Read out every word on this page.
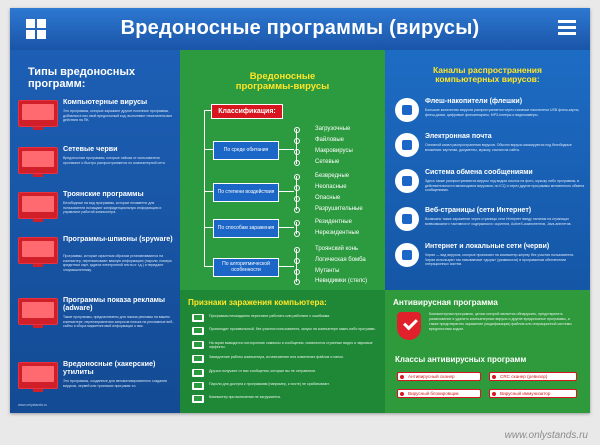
Вредоносные программы (вирусы)
Типы вредоносных
программ:
Компьютерные вирусы
Это программы, которые заражают другие полезные программы, добавляя в них свой вредоносный код, выполняют нежелательные действия на ПК.
Сетевые черви
Вредоносные программы, которые тайком от пользователя проникают и быстро распространяются по компьютерной сети.
Троянские программы
Безобидные на вид программы, которые незаметно для пользователя похищают конфиденциальную информацию и управляют работой компьютера.
Программы-шпионы (spyware)
Программы, которые скрытным образом устанавливаются на компьютер, перехватывают важную информацию (пароли, номера кредитных карт, адреса электронной почты и т.д.) и передают злоумышленнику.
Программы показа рекламы (adware)
Такие программы, предназначены для показа рекламы на вашем компьютере, перенаправления запросов поиска на рекламные веб-сайты и сбора маркетинговой информации о вас.
Вредоносные (хакерские) утилиты
Это программы, созданные для автоматизированного создания вирусов, червей или троянских программ т.п.
www.onlystands.ru
Вредоносные
программы-вирусы
Классификация:
По среде обитания
Загрузочные
Файловые
Макровирусы
Сетевые
По степени воздействия
Безвредные
Неопасные
Опасные
Разрушительные
По способам заражения
Резидентные
Нерезидентные
По алгоритмической особенности
Троянский конь
Логическая бомба
Мутанты
Невидимки (стелс)
Каналы распространения
компьютерных вирусов:
Флеш-накопители (флешки)
Большое количество вирусов распространяется через съемные накопители USB флеш-карты, флеш-диски, цифровые фотоаппараты, MP3-плееры и видеокамеры.
Электронная почта
Основной канал распространения вирусов. Обычно вирусы маскируются под безобидные вложения: картинки, документы, музыку, ссылки на сайты.
Система обмена сообщениями
Здесь также распространяются вирусы под видом ссылок на фото, музыку либо программы, в действительности являющиеся вирусами, по ICQ и через другие программы мгновенного обмена сообщениями.
Веб-страницы (сети Интернет)
Возможно также заражение через страницы сети Интернет ввиду наличия на страницах всевозможного «активного» содержимого: скриптов, ActiveX-компонентов, Java-апплетов.
Интернет и локальные сети (черви)
Черви — вид вирусов, которые проникают на компьютер-жертву без участия пользователя. Черви используют так называемые «дыры» (уязвимости) в программном обеспечении операционных систем.
Признаки заражения компьютера:
Программы неожиданно перестают работать или работают с ошибками.
Происходит произвольный, без участия пользователя, запуск на компьютере каких-либо программ.
На экран выводятся посторонние символы и сообщения, появляются странные видео и звуковые эффекты.
Замедление работы компьютера, исчезновение или изменение файлов и папок.
Друзья получают от вас сообщения, которые вы не отправляли.
Пароли для доступа к программам (например, к почте) не срабатывают.
Компьютер при включении не загружается.
Антивирусная программа
Компьютерная программа, целью которой является обнаружить, предотвратить размножение и удалить компьютерные вирусы и другие вредоносные программы, а также предотвратить заражение (модификацию) файлов или операционной системы вредоносным кодом.
Классы антивирусных программ
Антивирусный сканер	CRC сканер (ревизор)
Вирусный блокировщик	Вирусный иммунизатор
www.onlystands.ru
